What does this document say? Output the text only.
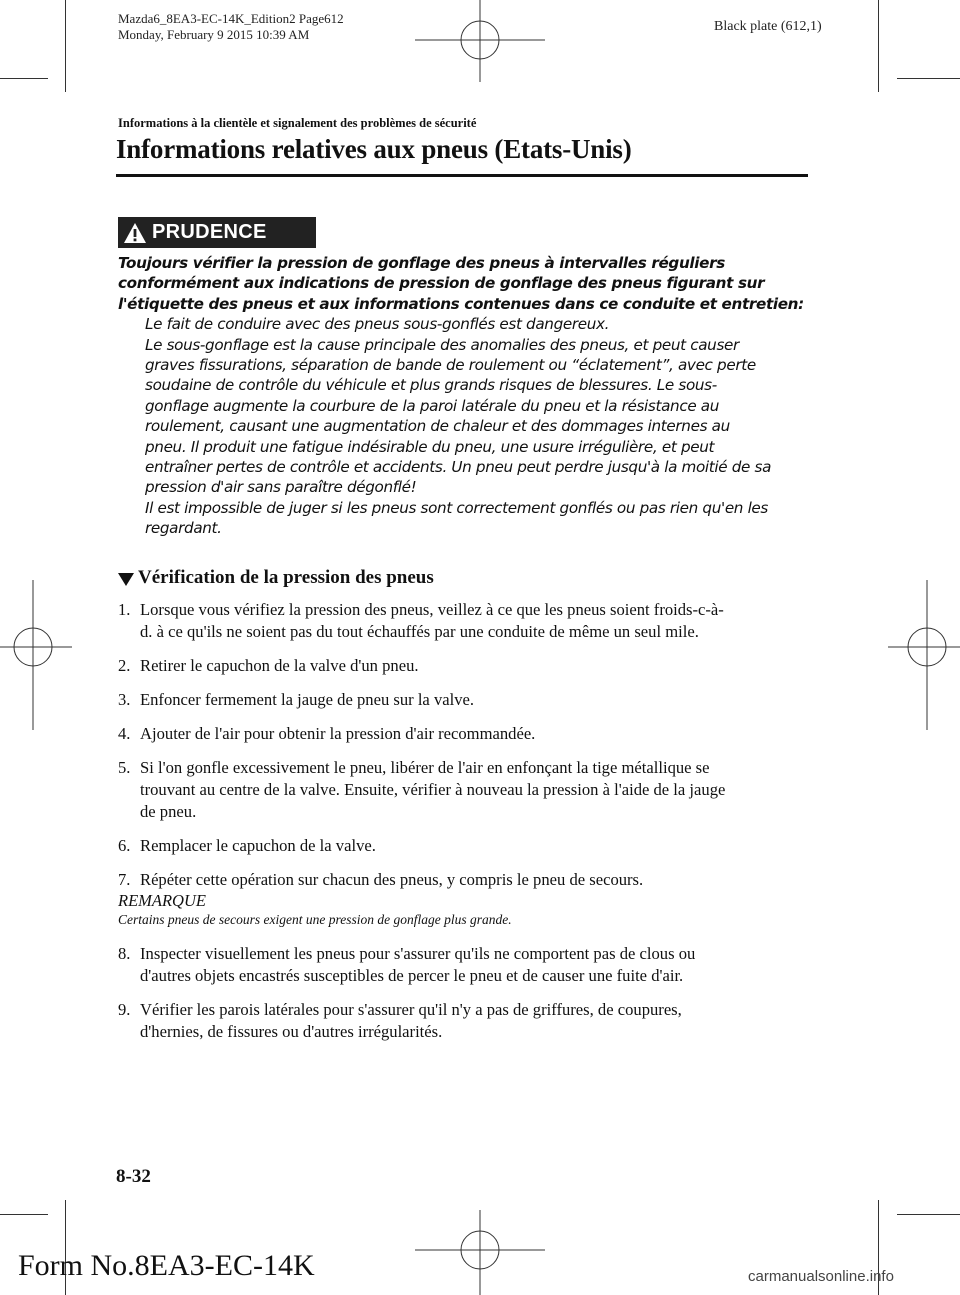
Mazda6_8EA3-EC-14K_Edition2 Page612
Monday, February 9 2015 10:39 AM
Black plate (612,1)
Informations à la clientèle et signalement des problèmes de sécurité
Informations relatives aux pneus (Etats-Unis)
PRUDENCE
Toujours vérifier la pression de gonflage des pneus à intervalles réguliers
conformément aux indications de pression de gonflage des pneus figurant sur
l'étiquette des pneus et aux informations contenues dans ce conduite et entretien:
Le fait de conduire avec des pneus sous-gonflés est dangereux.
Le sous-gonflage est la cause principale des anomalies des pneus, et peut causer
graves fissurations, séparation de bande de roulement ou “éclatement”, avec perte
soudaine de contrôle du véhicule et plus grands risques de blessures. Le sous-
gonflage augmente la courbure de la paroi latérale du pneu et la résistance au
roulement, causant une augmentation de chaleur et des dommages internes au
pneu. Il produit une fatigue indésirable du pneu, une usure irrégulière, et peut
entraîner pertes de contrôle et accidents. Un pneu peut perdre jusqu'à la moitié de sa
pression d'air sans paraître dégonflé!
Il est impossible de juger si les pneus sont correctement gonflés ou pas rien qu'en les
regardant.
Vérification de la pression des pneus
1. Lorsque vous vérifiez la pression des pneus, veillez à ce que les pneus soient froids-c-à-
d. à ce qu'ils ne soient pas du tout échauffés par une conduite de même un seul mile.
2. Retirer le capuchon de la valve d'un pneu.
3. Enfoncer fermement la jauge de pneu sur la valve.
4. Ajouter de l'air pour obtenir la pression d'air recommandée.
5. Si l'on gonfle excessivement le pneu, libérer de l'air en enfonçant la tige métallique se
trouvant au centre de la valve. Ensuite, vérifier à nouveau la pression à l'aide de la jauge
de pneu.
6. Remplacer le capuchon de la valve.
7. Répéter cette opération sur chacun des pneus, y compris le pneu de secours.
REMARQUE
Certains pneus de secours exigent une pression de gonflage plus grande.
8. Inspecter visuellement les pneus pour s'assurer qu'ils ne comportent pas de clous ou
d'autres objets encastrés susceptibles de percer le pneu et de causer une fuite d'air.
9. Vérifier les parois latérales pour s'assurer qu'il n'y a pas de griffures, de coupures,
d'hernies, de fissures ou d'autres irrégularités.
8-32
Form No.8EA3-EC-14K	carmanualsonline.info
